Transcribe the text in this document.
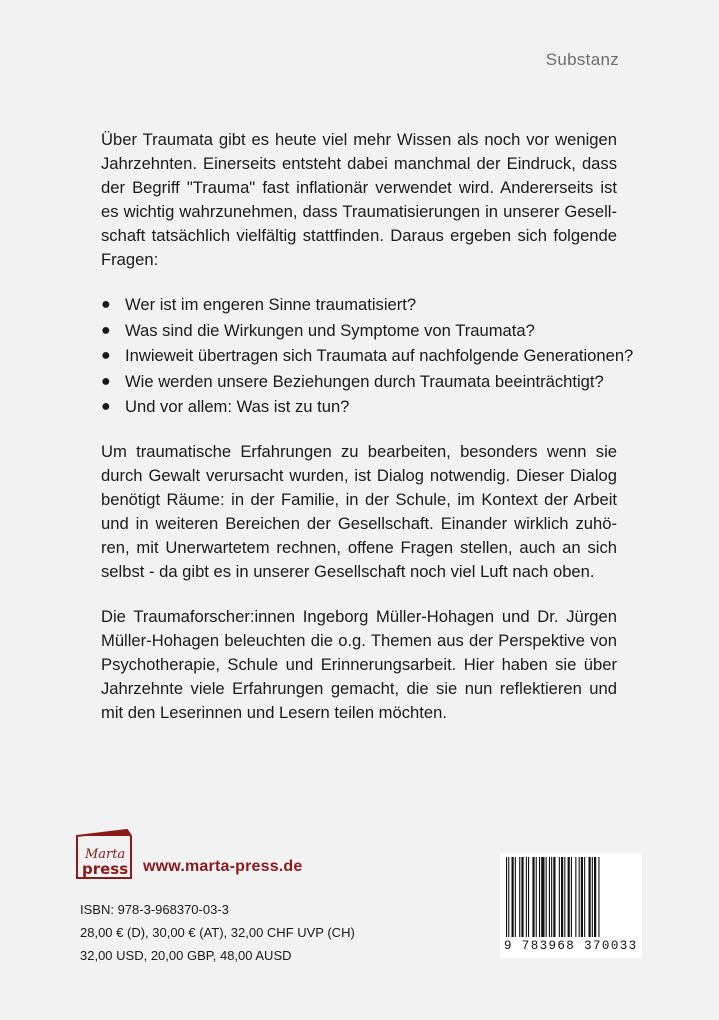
Substanz

Über Traumata gibt es heute viel mehr Wissen als noch vor wenigen Jahrzehnten. Einerseits entsteht dabei manchmal der Eindruck, dass der Begriff "Trauma" fast inflationär verwendet wird. Andererseits ist es wichtig wahrzunehmen, dass Traumatisierungen in unserer Gesellschaft tatsächlich vielfältig stattfinden. Daraus ergeben sich folgende Fragen:

● Wer ist im engeren Sinne traumatisiert?
● Was sind die Wirkungen und Symptome von Traumata?
● Inwieweit übertragen sich Traumata auf nachfolgende Generationen?
● Wie werden unsere Beziehungen durch Traumata beeinträchtigt?
● Und vor allem: Was ist zu tun?

Um traumatische Erfahrungen zu bearbeiten, besonders wenn sie durch Gewalt verursacht wurden, ist Dialog notwendig. Dieser Dialog benötigt Räume: in der Familie, in der Schule, im Kontext der Arbeit und in weiteren Bereichen der Gesellschaft. Einander wirklich zuhören, mit Unerwartetem rechnen, offene Fragen stellen, auch an sich selbst - da gibt es in unserer Gesellschaft noch viel Luft nach oben.

Die Traumaforscher:innen Ingeborg Müller-Hohagen und Dr. Jürgen Müller-Hohagen beleuchten die o.g. Themen aus der Perspektive von Psychotherapie, Schule und Erinnerungsarbeit. Hier haben sie über Jahrzehnte viele Erfahrungen gemacht, die sie nun reflektieren und mit den Leserinnen und Lesern teilen möchten.

Marta
press www.marta-press.de
ISBN: 978-3-968370-03-3
28,00 € (D), 30,00 € (AT), 32,00 CHF UVP (CH)
32,00 USD, 20,00 GBP, 48,00 AUSD
9 783968 370033
